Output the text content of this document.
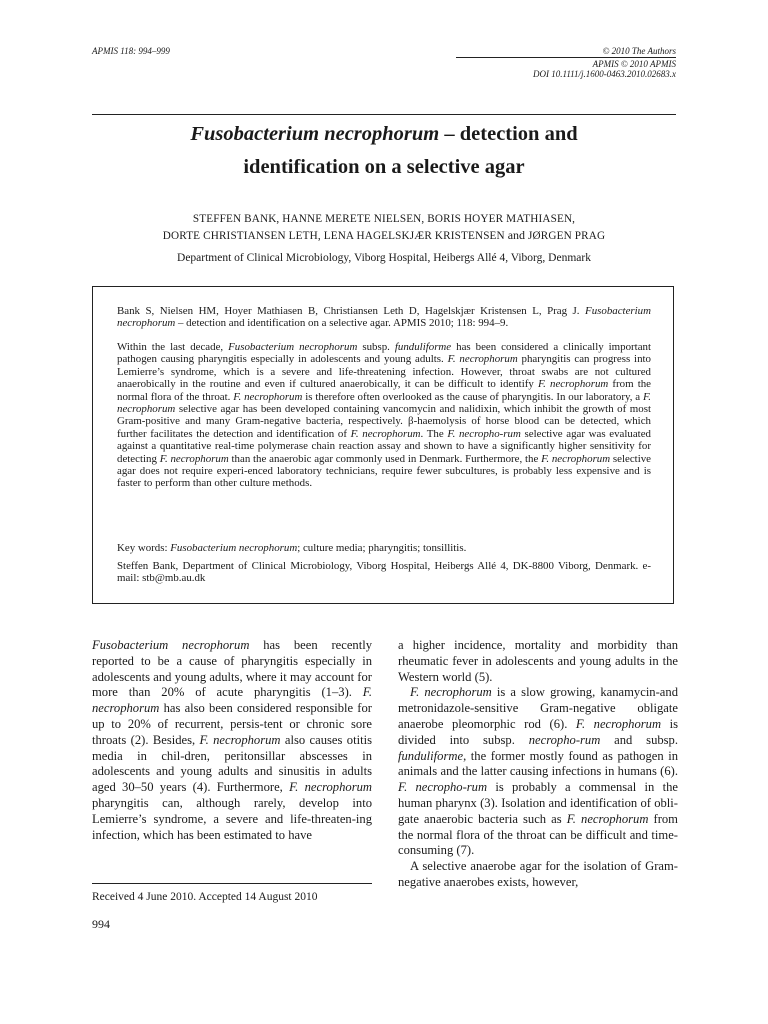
APMIS 118: 994–999	© 2010 The Authors
APMIS © 2010 APMIS
DOI 10.1111/j.1600-0463.2010.02683.x
Fusobacterium necrophorum – detection and
identification on a selective agar
STEFFEN BANK, HANNE MERETE NIELSEN, BORIS HOYER MATHIASEN,
DORTE CHRISTIANSEN LETH, LENA HAGELSKJÆR KRISTENSEN and JØRGEN PRAG
Department of Clinical Microbiology, Viborg Hospital, Heibergs Allé 4, Viborg, Denmark
Bank S, Nielsen HM, Hoyer Mathiasen B, Christiansen Leth D, Hagelskjær Kristensen L, Prag J. Fusobacterium necrophorum – detection and identification on a selective agar. APMIS 2010; 118: 994–9.
Within the last decade, Fusobacterium necrophorum subsp. funduliforme has been considered a clinically important pathogen causing pharyngitis especially in adolescents and young adults. F. necrophorum pharyngitis can progress into Lemierre’s syndrome, which is a severe and life-threatening infection. However, throat swabs are not cultured anaerobically in the routine and even if cultured anaerobically, it can be difficult to identify F. necrophorum from the normal flora of the throat. F. necrophorum is therefore often overlooked as the cause of pharyngitis. In our laboratory, a F. necrophorum selective agar has been developed containing vancomycin and nalidixin, which inhibit the growth of most Gram-positive and many Gram-negative bacteria, respectively. β-haemolysis of horse blood can be detected, which further facilitates the detection and identification of F. necrophorum. The F. necropho-rum selective agar was evaluated against a quantitative real-time polymerase chain reaction assay and shown to have a significantly higher sensitivity for detecting F. necrophorum than the anaerobic agar commonly used in Denmark. Furthermore, the F. necrophorum selective agar does not require experi-enced laboratory technicians, require fewer subcultures, is probably less expensive and is faster to perform than other culture methods.
Key words: Fusobacterium necrophorum; culture media; pharyngitis; tonsillitis.
Steffen Bank, Department of Clinical Microbiology, Viborg Hospital, Heibergs Allé 4, DK-8800 Viborg, Denmark. e-mail: stb@mb.au.dk
Fusobacterium necrophorum has been recently reported to be a cause of pharyngitis especially in adolescents and young adults, where it may account for more than 20% of acute pharyngitis (1–3). F. necrophorum has also been considered responsible for up to 20% of recurrent, persis-tent or chronic sore throats (2). Besides, F. necrophorum also causes otitis media in chil-dren, peritonsillar abscesses in adolescents and young adults and sinusitis in adults aged 30–50 years (4). Furthermore, F. necrophorum pharyngitis can, although rarely, develop into Lemierre’s syndrome, a severe and life-threaten-ing infection, which has been estimated to have

a higher incidence, mortality and morbidity than rheumatic fever in adolescents and young adults in the Western world (5).

F. necrophorum is a slow growing, kanamycin-and metronidazole-sensitive Gram-negative obligate anaerobe pleomorphic rod (6). F. necrophorum is divided into subsp. necropho-rum and subsp. funduliforme, the former mostly found as pathogen in animals and the latter causing infections in humans (6). F. necropho-rum is probably a commensal in the human pharynx (3). Isolation and identification of obli-gate anaerobic bacteria such as F. necrophorum from the normal flora of the throat can be difficult and time-consuming (7).

A selective anaerobe agar for the isolation of Gram-negative anaerobes exists, however,

Received 4 June 2010. Accepted 14 August 2010
994
